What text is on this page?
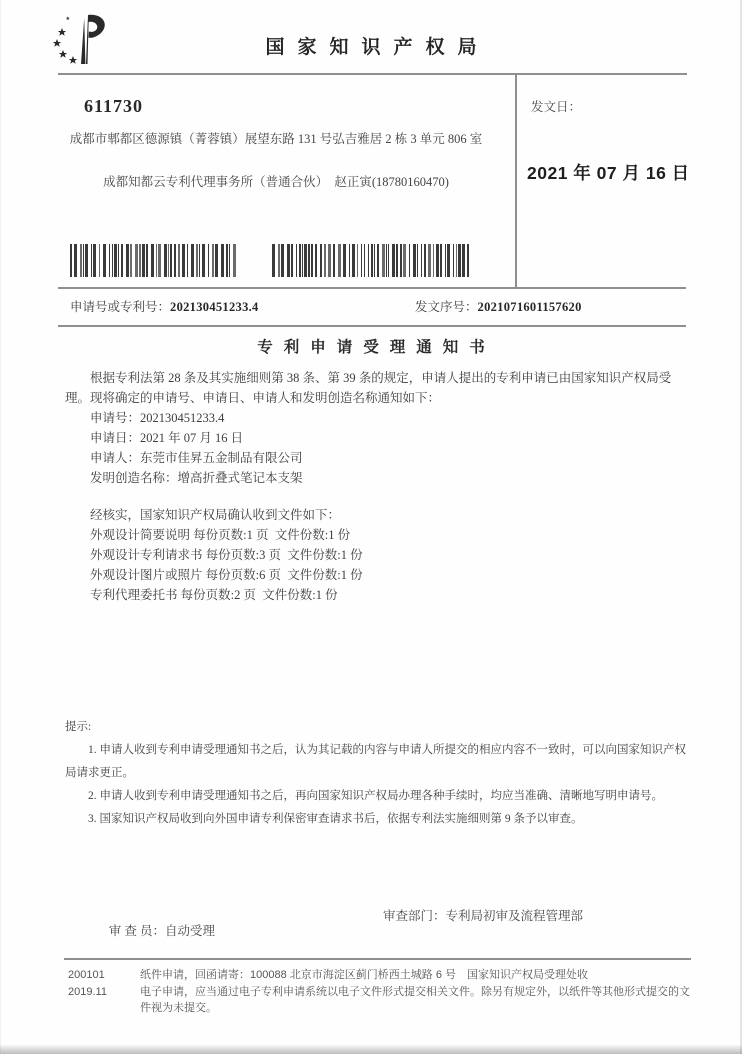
国家知识产权局
611730
成都市郫都区德源镇（菁蓉镇）展望东路 131 号弘吉雅居 2 栋 3 单元 806 室
成都知都云专利代理事务所（普通合伙）  赵正寅(18780160470)
发文日：
2021 年 07 月 16 日
申请号或专利号：202130451233.4	发文序号：2021071601157620
专利申请受理通知书

根据专利法第 28 条及其实施细则第 38 条、第 39 条的规定，申请人提出的专利申请已由国家知识产权局受理。现将确定的申请号、申请日、申请人和发明创造名称通知如下：

申请号：202130451233.4
申请日：2021 年 07 月 16 日
申请人：东莞市佳昇五金制品有限公司
发明创造名称：增高折叠式笔记本支架
经核实，国家知识产权局确认收到文件如下：
外观设计简要说明 每份页数:1 页  文件份数:1 份
外观设计专利请求书 每份页数:3 页  文件份数:1 份
外观设计图片或照片 每份页数:6 页  文件份数:1 份
专利代理委托书 每份页数:2 页  文件份数:1 份

提示:

1. 申请人收到专利申请受理通知书之后，认为其记载的内容与申请人所提交的相应内容不一致时，可以向国家知识产权局请求更正。

2. 申请人收到专利申请受理通知书之后，再向国家知识产权局办理各种手续时，均应当准确、清晰地写明申请号。

3. 国家知识产权局收到向外国申请专利保密审查请求书后，依据专利法实施细则第 9 条予以审查。

审 查 员：自动受理

审查部门：专利局初审及流程管理部
200101	纸件申请，回函请寄：100088 北京市海淀区蓟门桥西土城路 6 号　国家知识产权局受理处收
2019.11	电子申请，应当通过电子专利申请系统以电子文件形式提交相关文件。除另有规定外，以纸件等其他形式提交的文件视为未提交。
